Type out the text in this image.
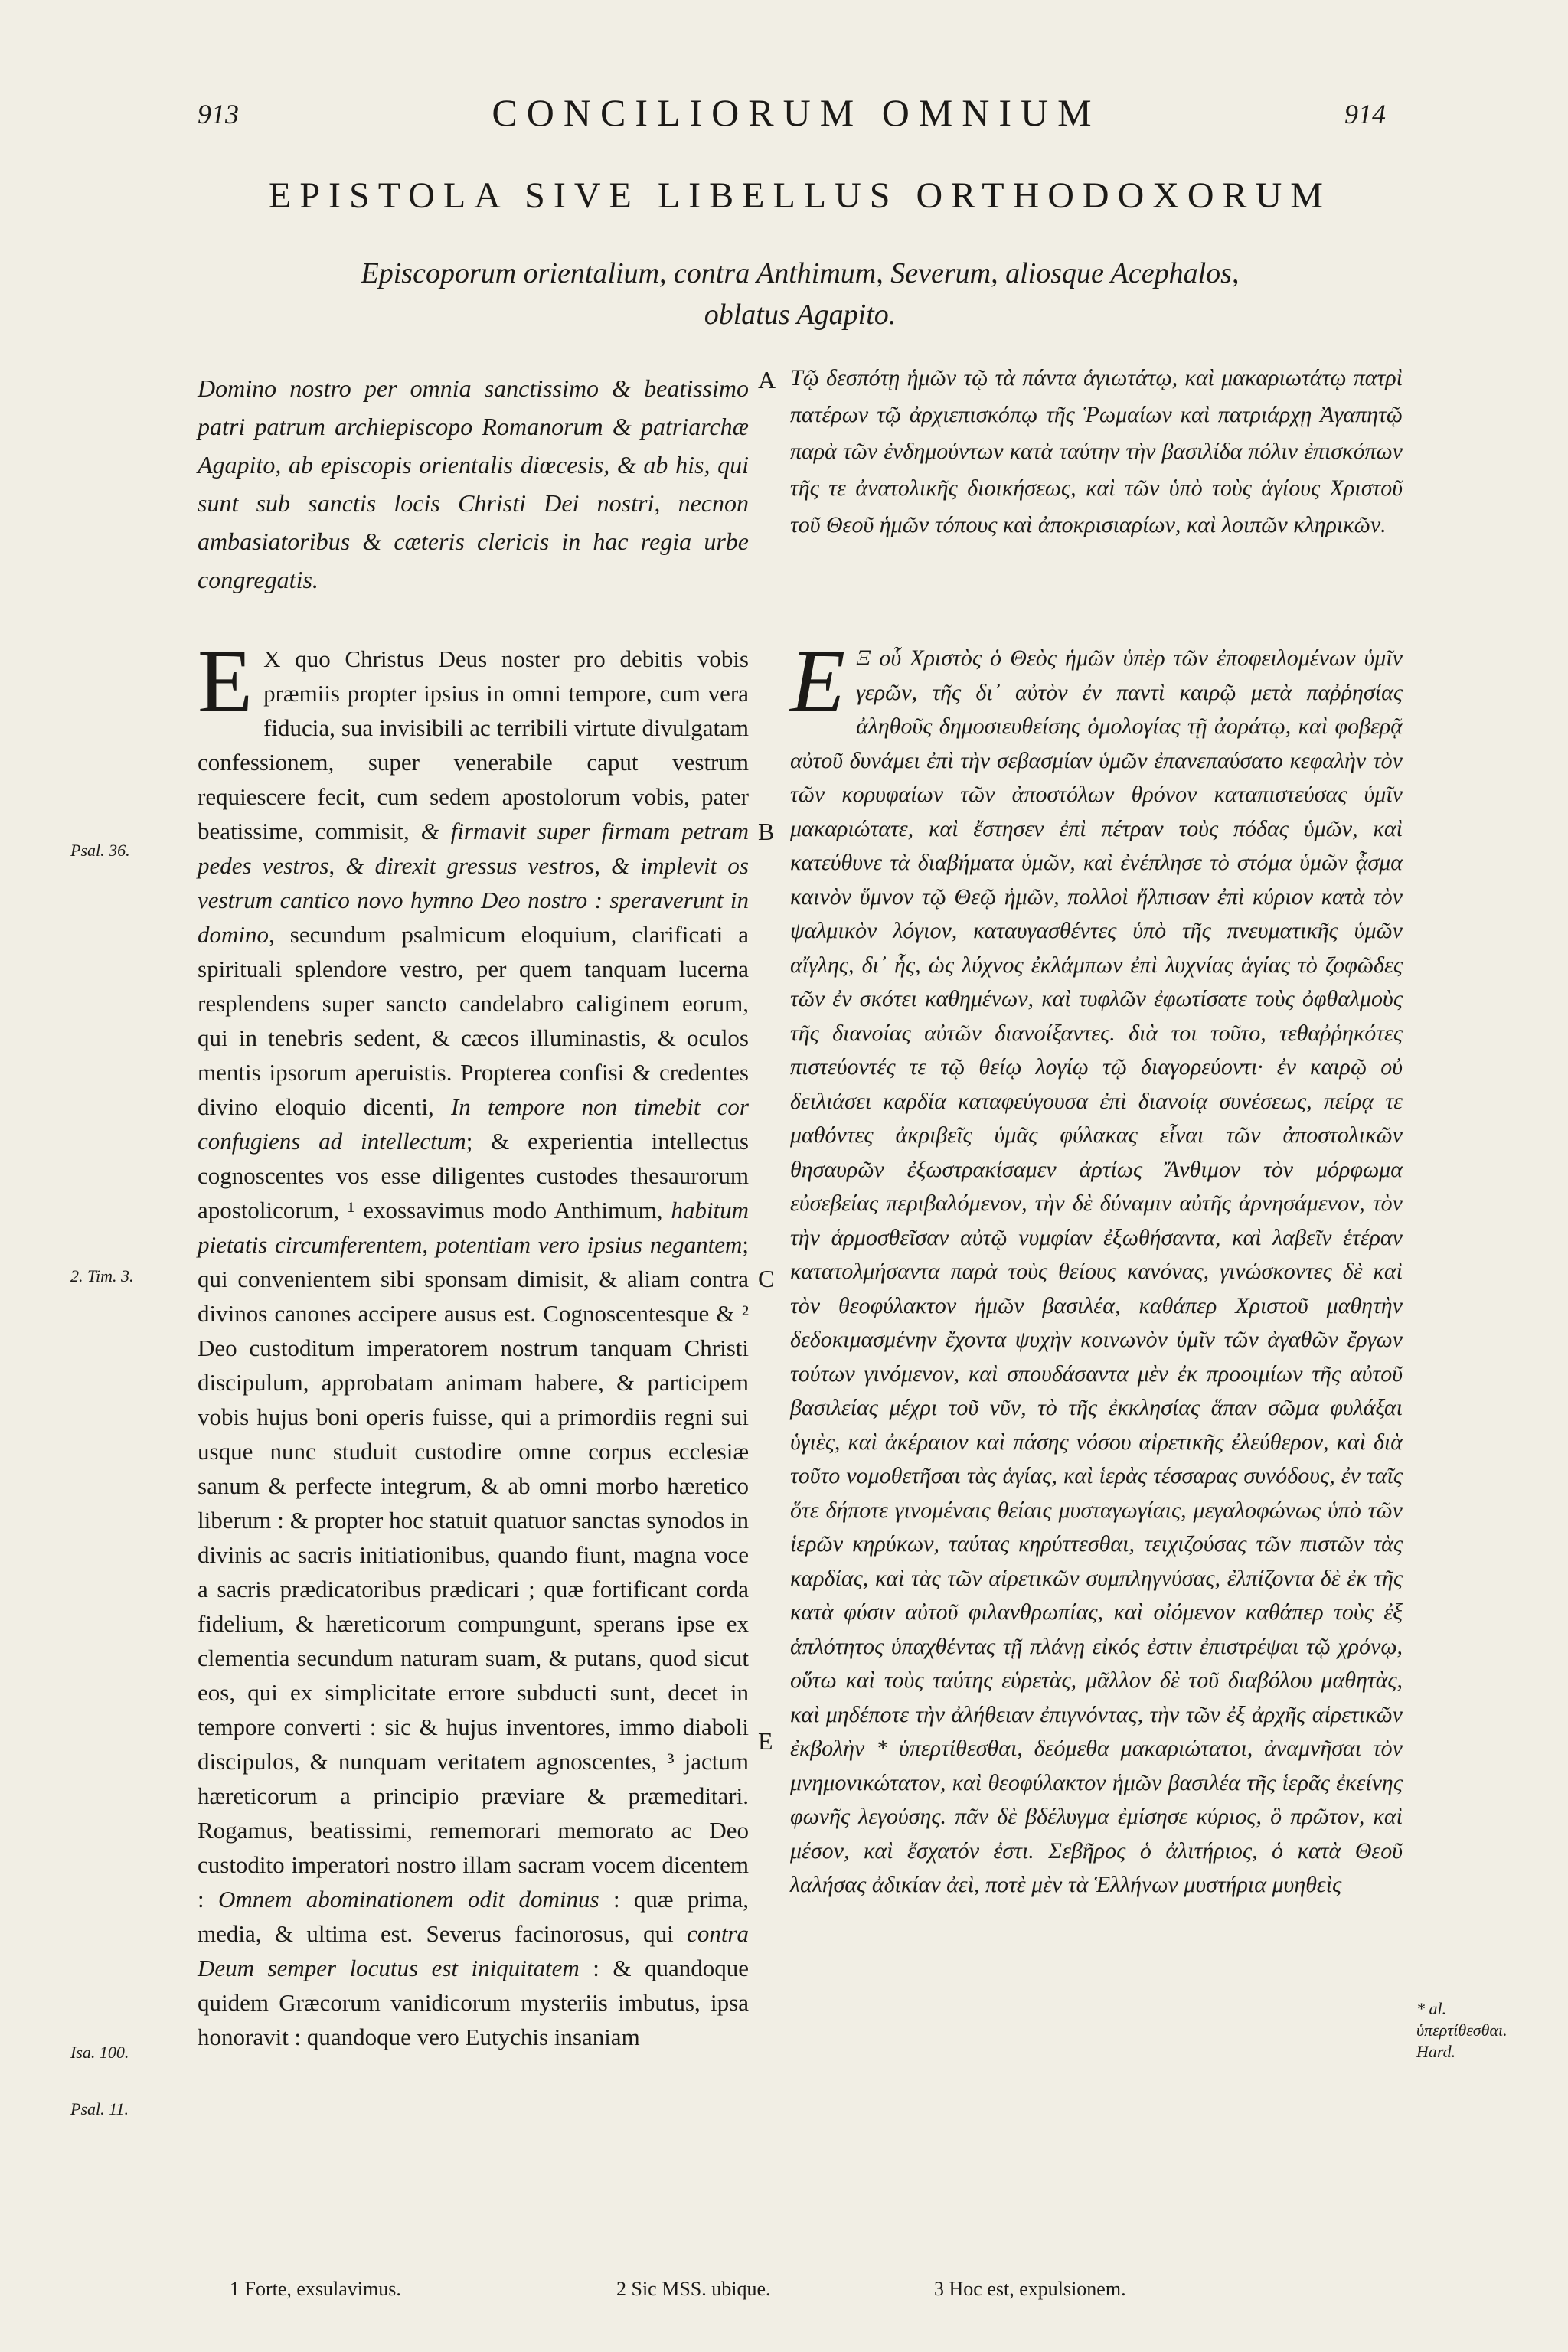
913	CONCILIORUM OMNIUM	914
EPISTOLA SIVE LIBELLUS ORTHODOXORUM
Episcoporum orientalium, contra Anthimum, Severum, aliosque Acephalos, oblatus Agapito.
Domino nostro per omnia sanctissimo & beatissimo patri patrum archiepiscopo Romanorum & patriarchæ Agapito, ab episcopis orientalis diœcesis, & ab his, qui sunt sub sanctis locis Christi Dei nostri, necnon ambasiatoribus & cæteris clericis in hac regia urbe congregatis.
Τῷ δεσπότῃ ἡμῶν τῷ τὰ πάντα ἁγιωτάτῳ, καὶ μακαριωτάτῳ πατρὶ πατέρων τῷ ἀρχιεπισκόπῳ τῆς Ῥωμαίων καὶ πατριάρχῃ Ἀγαπητῷ παρὰ τῶν ἐνδημούντων κατὰ ταύτην τὴν βασιλίδα πόλιν ἐπισκόπων τῆς τε ἀνατολικῆς διοικήσεως, καὶ τῶν ὑπὸ τοὺς ἁγίους Χριστοῦ τοῦ Θεοῦ ἡμῶν τόπους καὶ ἀποκρισιαρίων, καὶ λοιπῶν κληρικῶν.
A
B
C
E
Psal. 36.
2. Tim. 3.
Isa. 100.
Psal. 11.
* al. ὑπερτίθεσθαι. Hard.
E X quo Christus Deus noster pro debitis vobis præmiis propter ipsius in omni tempore, cum vera fiducia, sua invisibili ac terribili virtute divulgatam confessionem, super venerabile caput vestrum requiescere fecit, cum sedem apostolorum vobis, pater beatissime, commisit, & firmavit super firmam petram pedes vestros, & direxit gressus vestros, & implevit os vestrum cantico novo hymno Deo nostro : speraverunt in domino, secundum psalmicum eloquium, clarificati a spirituali splendore vestro, per quem tanquam lucerna resplendens super sancto candelabro caliginem eorum, qui in tenebris sedent, & cæcos illuminastis, & oculos mentis ipsorum aperuistis. Propterea confisi & credentes divino eloquio dicenti, In tempore non timebit cor confugiens ad intellectum; & experientia intellectus cognoscentes vos esse diligentes custodes thesaurorum apostolicorum, ¹ exossavimus modo Anthimum, habitum pietatis circumferentem, potentiam vero ipsius negantem; qui convenientem sibi sponsam dimisit, & aliam contra divinos canones accipere ausus est. Cognoscentesque & ² Deo custoditum imperatorem nostrum tanquam Christi discipulum, approbatam animam habere, & participem vobis hujus boni operis fuisse, qui a primordiis regni sui usque nunc studuit custodire omne corpus ecclesiæ sanum & perfecte integrum, & ab omni morbo hæretico liberum : & propter hoc statuit quatuor sanctas synodos in divinis ac sacris initiationibus, quando fiunt, magna voce a sacris prædicatoribus prædicari ; quæ fortificant corda fidelium, & hæreticorum compungunt, sperans ipse ex clementia secundum naturam suam, & putans, quod sicut eos, qui ex simplicitate errore subducti sunt, decet in tempore converti : sic & hujus inventores, immo diaboli discipulos, & nunquam veritatem agnoscentes, ³ jactum hæreticorum a principio præviare & præmeditari. Rogamus, beatissimi, rememorari memorato ac Deo custodito imperatori nostro illam sacram vocem dicentem : Omnem abominationem odit dominus : quæ prima, media, & ultima est. Severus facinorosus, qui contra Deum semper locutus est iniquitatem : & quandoque quidem Græcorum vanidicorum mysteriis imbutus, ipsa honoravit : quandoque vero Eutychis insaniam
Ε Ξ οὗ Χριστὸς ὁ Θεὸς ἡμῶν ὑπὲρ τῶν ἐποφειλομένων ὑμῖν γερῶν, τῆς δι᾽ αὐτὸν ἐν παντὶ καιρῷ μετὰ παῤῥησίας ἀληθοῦς δημοσιευθείσης ὁμολογίας τῇ ἀοράτῳ, καὶ φοβερᾷ αὐτοῦ δυνάμει ἐπὶ τὴν σεβασμίαν ὑμῶν ἐπανεπαύσατο κεφαλὴν τὸν τῶν κορυφαίων τῶν ἀποστόλων θρόνον καταπιστεύσας ὑμῖν μακαριώτατε, καὶ ἔστησεν ἐπὶ πέτραν τοὺς πόδας ὑμῶν, καὶ κατεύθυνε τὰ διαβήματα ὑμῶν, καὶ ἐνέπλησε τὸ στόμα ὑμῶν ᾆσμα καινὸν ὕμνον τῷ Θεῷ ἡμῶν, πολλοὶ ἤλπισαν ἐπὶ κύριον κατὰ τὸν ψαλμικὸν λόγιον, καταυγασθέντες ὑπὸ τῆς πνευματικῆς ὑμῶν αἴγλης, δι᾽ ἧς, ὡς λύχνος ἐκλάμπων ἐπὶ λυχνίας ἁγίας τὸ ζοφῶδες τῶν ἐν σκότει καθημένων, καὶ τυφλῶν ἐφωτίσατε τοὺς ὀφθαλμοὺς τῆς διανοίας αὐτῶν διανοίξαντες. διὰ τοι τοῦτο, τεθαῤῥηκότες πιστεύοντές τε τῷ θείῳ λογίῳ τῷ διαγορεύοντι· ἐν καιρῷ οὐ δειλιάσει καρδία καταφεύγουσα ἐπὶ διανοίᾳ συνέσεως, πείρᾳ τε μαθόντες ἀκριβεῖς ὑμᾶς φύλακας εἶναι τῶν ἀποστολικῶν θησαυρῶν ἐξωστρακίσαμεν ἀρτίως Ἄνθιμον τὸν μόρφωμα εὐσεβείας περιβαλόμενον, τὴν δὲ δύναμιν αὐτῆς ἀρνησάμενον, τὸν τὴν ἁρμοσθεῖσαν αὐτῷ νυμφίαν ἐξωθήσαντα, καὶ λαβεῖν ἑτέραν κατατολμήσαντα παρὰ τοὺς θείους κανόνας, γινώσκοντες δὲ καὶ τὸν θεοφύλακτον ἡμῶν βασιλέα, καθάπερ Χριστοῦ μαθητὴν δεδοκιμασμένην ἔχοντα ψυχὴν κοινωνὸν ὑμῖν τῶν ἀγαθῶν ἔργων τούτων γινόμενον, καὶ σπουδάσαντα μὲν ἐκ προοιμίων τῆς αὐτοῦ βασιλείας μέχρι τοῦ νῦν, τὸ τῆς ἐκκλησίας ἅπαν σῶμα φυλάξαι ὑγιὲς, καὶ ἀκέραιον καὶ πάσης νόσου αἱρετικῆς ἐλεύθερον, καὶ διὰ τοῦτο νομοθετῆσαι τὰς ἁγίας, καὶ ἱερὰς τέσσαρας συνόδους, ἐν ταῖς ὅτε δήποτε γινομέναις θείαις μυσταγωγίαις, μεγαλοφώνως ὑπὸ τῶν ἱερῶν κηρύκων, ταύτας κηρύττεσθαι, τειχιζούσας τῶν πιστῶν τὰς καρδίας, καὶ τὰς τῶν αἱρετικῶν συμπληγνύσας, ἐλπίζοντα δὲ ἐκ τῆς κατὰ φύσιν αὐτοῦ φιλανθρωπίας, καὶ οἰόμενον καθάπερ τοὺς ἐξ ἁπλότητος ὑπαχθέντας τῇ πλάνῃ εἰκός ἐστιν ἐπιστρέψαι τῷ χρόνῳ, οὕτω καὶ τοὺς ταύτης εὑρετὰς, μᾶλλον δὲ τοῦ διαβόλου μαθητὰς, καὶ μηδέποτε τὴν ἀλήθειαν ἐπιγνόντας, τὴν τῶν ἐξ ἀρχῆς αἱρετικῶν ἐκβολὴν * ὑπερτίθεσθαι, δεόμεθα μακαριώτατοι, ἀναμνῆσαι τὸν μνημονικώτατον, καὶ θεοφύλακτον ἡμῶν βασιλέα τῆς ἱερᾶς ἐκείνης φωνῆς λεγούσης. πᾶν δὲ βδέλυγμα ἐμίσησε κύριος, ὃ πρῶτον, καὶ μέσον, καὶ ἔσχατόν ἐστι. Σεβῆρος ὁ ἀλιτήριος, ὁ κατὰ Θεοῦ λαλήσας ἀδικίαν ἀεὶ, ποτὲ μὲν τὰ Ἑλλήνων μυστήρια μυηθεὶς
1 Forte, exsulavimus.	2 Sic MSS. ubique.	3 Hoc est, expulsionem.
